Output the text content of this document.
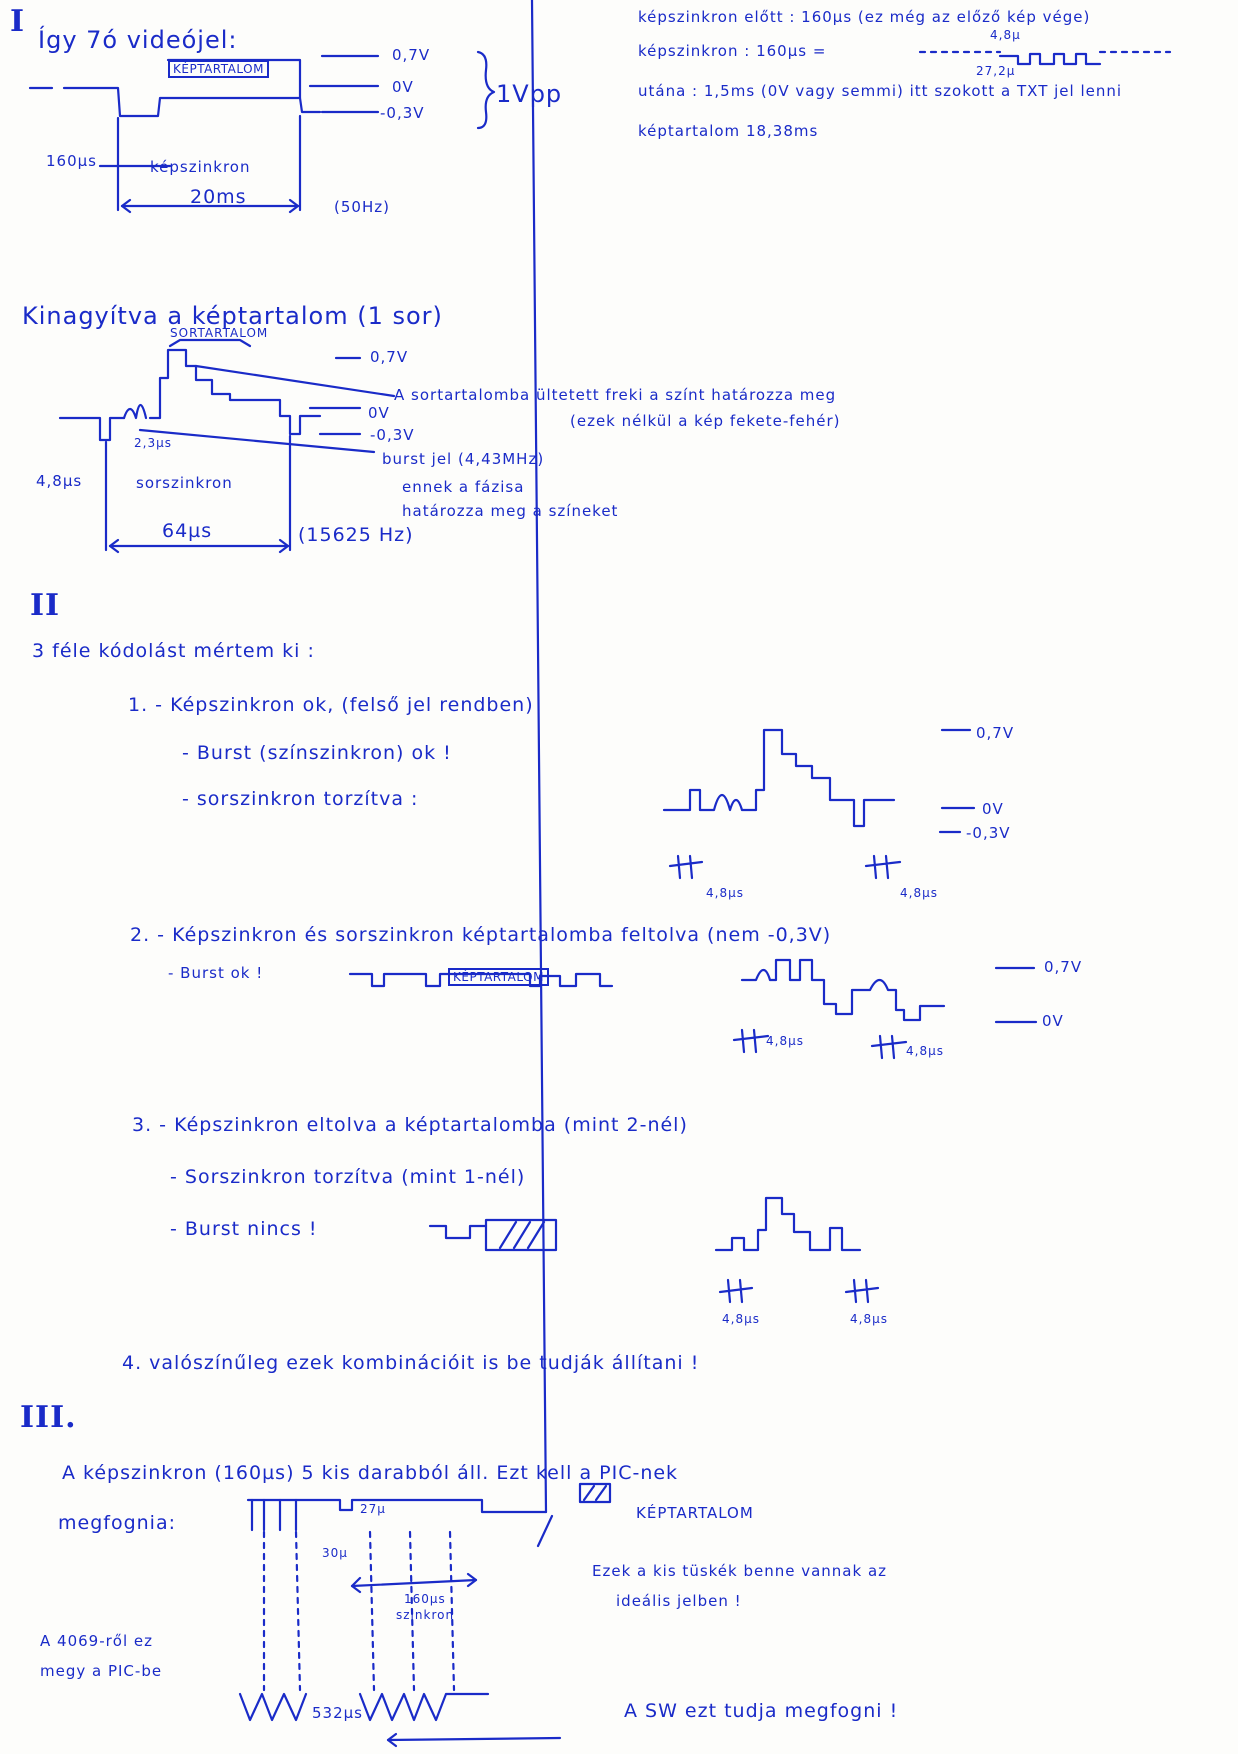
I
Így 7ó videójel:
KÉPTARTALOM
0,7V
0V
-0,3V
1Vpp
160µs	képszinkron
20ms	(50Hz)
képszinkron előtt : 160µs (ez még az előző kép vége)
képszinkron : 160µs =
4,8µ
27,2µ
utána : 1,5ms (0V vagy semmi) itt szokott a TXT jel lenni
képtartalom 18,38ms
Kinagyítva a képtartalom (1 sor)
SORTARTALOM
0,7V
0V
-0,3V
2,3µs
4,8µs	sorszinkron
64µs	(15625 Hz)
A sortartalomba ültetett freki a színt határozza meg
(ezek nélkül a kép fekete-fehér)
burst jel (4,43MHz)
ennek a fázisa
határozza meg a színeket
II
3 féle kódolást mértem ki :
1. - Képszinkron ok, (felső jel rendben)
- Burst (színszinkron) ok !
- sorszinkron torzítva :
0,7V
0V
-0,3V
4,8µs	4,8µs
2. - Képszinkron és sorszinkron képtartalomba feltolva (nem -0,3V)
- Burst ok !	KÉPTARTALOM
0,7V
0V
4,8µs
4,8µs
3. - Képszinkron eltolva a képtartalomba (mint 2-nél)
- Sorszinkron torzítva (mint 1-nél)
- Burst nincs !
4,8µs	4,8µs
4. valószínűleg ezek kombinációit is be tudják állítani !
III.
A képszinkron (160µs) 5 kis darabból áll. Ezt kell a PIC-nek
megfognia:	KÉPTARTALOM
27µ
30µ
160µs
szinkron
Ezek a kis tüskék benne vannak az
ideális jelben !
A 4069-ről ez
megy a PIC-be
532µs	A SW ezt tudja megfogni !
